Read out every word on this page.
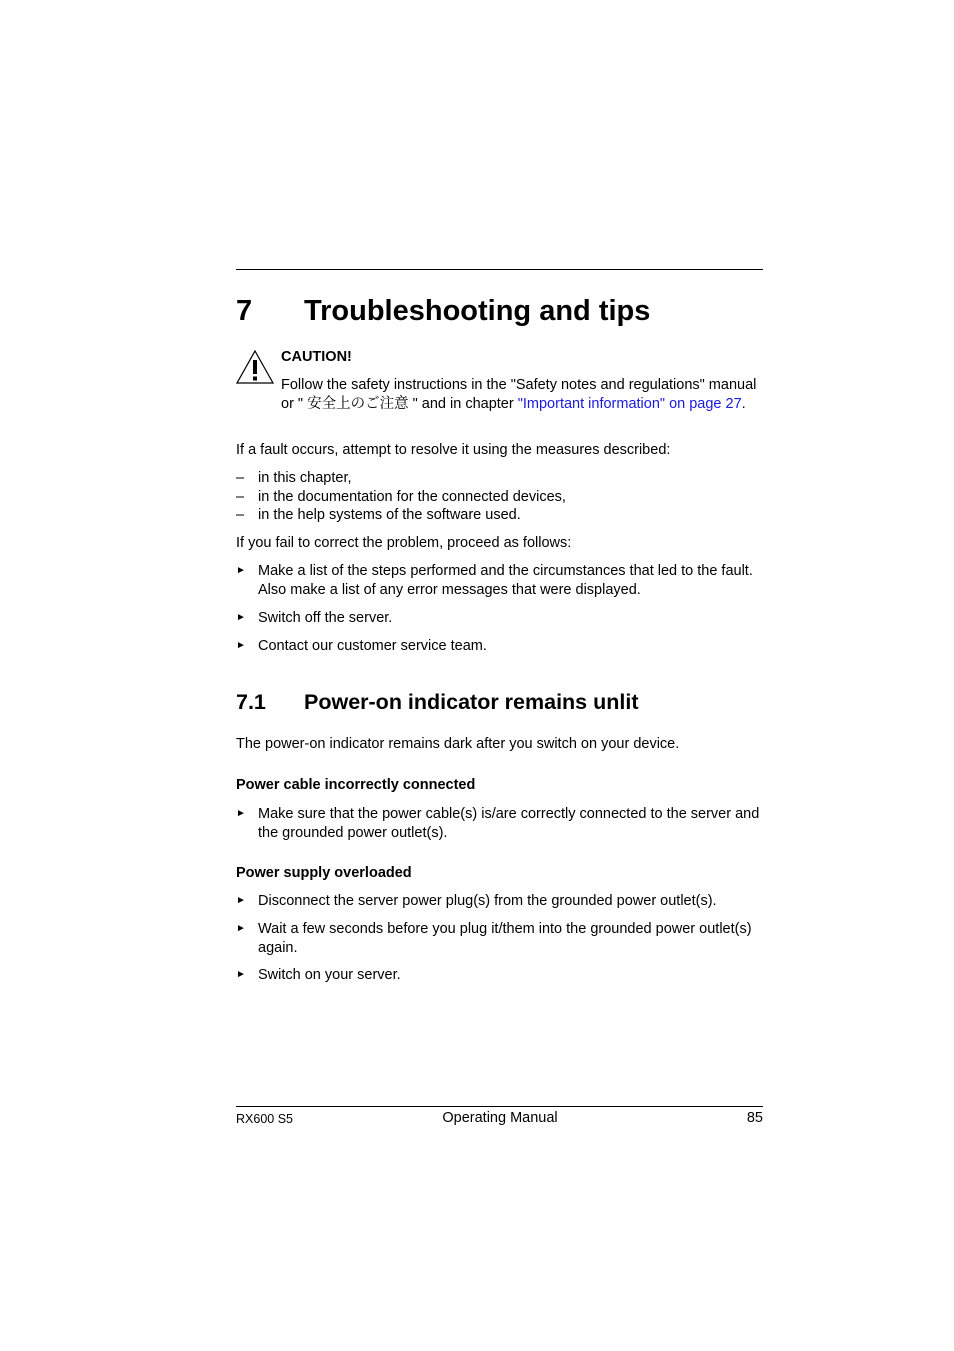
7 Troubleshooting and tips
CAUTION!
Follow the safety instructions in the "Safety notes and regulations" manual or " 安全上のご注意 " and in chapter "Important information" on page 27.

If a fault occurs, attempt to resolve it using the measures described:

– in this chapter,
– in the documentation for the connected devices,
– in the help systems of the software used.

If you fail to correct the problem, proceed as follows:

► Make a list of the steps performed and the circumstances that led to the fault. Also make a list of any error messages that were displayed.
► Switch off the server.
► Contact our customer service team.
7.1 Power-on indicator remains unlit

The power-on indicator remains dark after you switch on your device.

Power cable incorrectly connected
► Make sure that the power cable(s) is/are correctly connected to the server and the grounded power outlet(s).
Power supply overloaded
► Disconnect the server power plug(s) from the grounded power outlet(s).
► Wait a few seconds before you plug it/them into the grounded power outlet(s) again.
► Switch on your server.
RX600 S5	Operating Manual	85
